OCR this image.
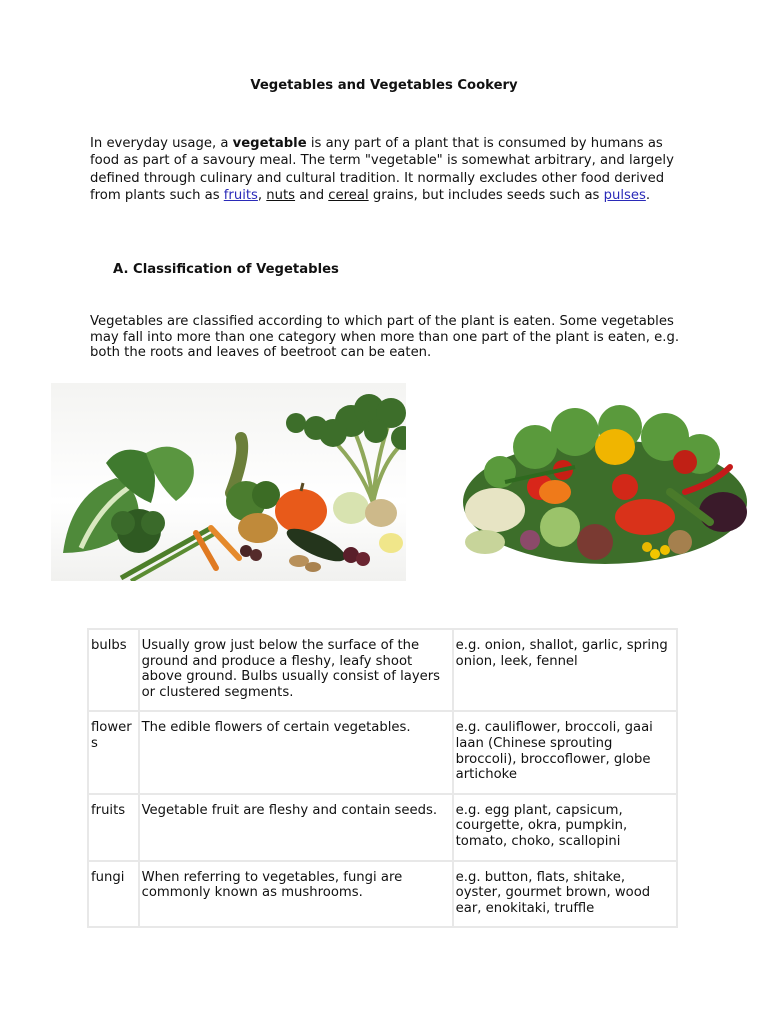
Vegetables and Vegetables Cookery

In everyday usage, a vegetable is any part of a plant that is consumed by humans as food as part of a savoury meal. The term "vegetable" is somewhat arbitrary, and largely defined through culinary and cultural tradition. It normally excludes other food derived from plants such as fruits, nuts and cereal grains, but includes seeds such as pulses.

A. Classification of Vegetables

Vegetables are classified according to which part of the plant is eaten. Some vegetables may fall into more than one category when more than one part of the plant is eaten, e.g. both the roots and leaves of beetroot can be eaten.

bulbs	Usually grow just below the surface of the ground and produce a fleshy, leafy shoot above ground. Bulbs usually consist of layers or clustered segments.	e.g. onion, shallot, garlic, spring onion, leek, fennel
flowers	The edible flowers of certain vegetables.	e.g. cauliflower, broccoli, gaai laan (Chinese sprouting broccoli), broccoflower, globe artichoke
fruits	Vegetable fruit are fleshy and contain seeds.	e.g. egg plant, capsicum, courgette, okra, pumpkin, tomato, choko, scallopini
fungi	When referring to vegetables, fungi are commonly known as mushrooms.	e.g. button, flats, shitake, oyster, gourmet brown, wood ear, enokitaki, truffle
